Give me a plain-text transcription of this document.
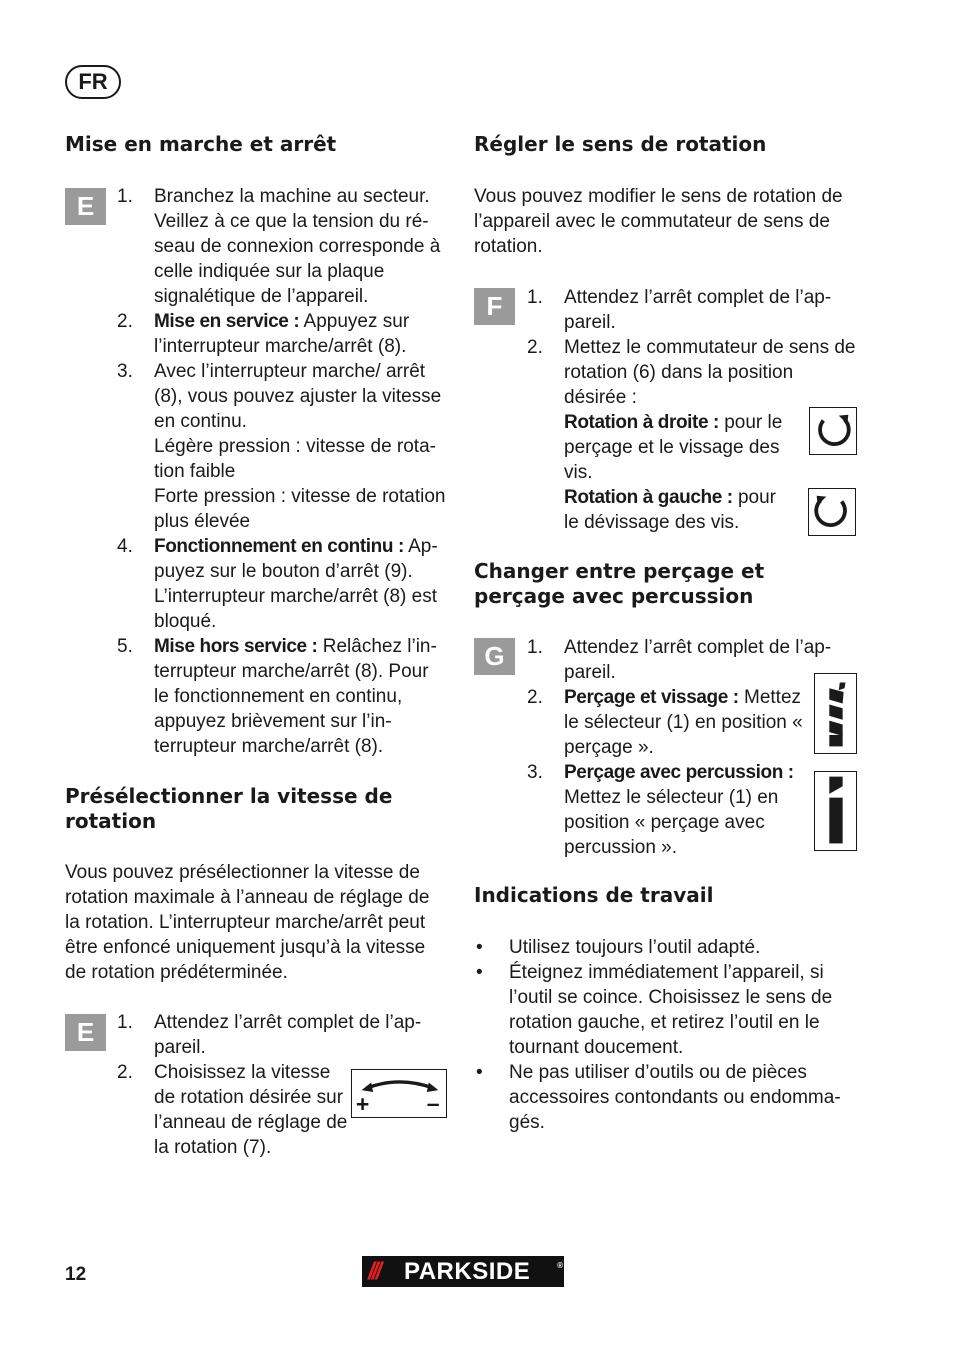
FR
Mise en marche et arrêt
E	1. Branchez la machine au secteur. Veillez à ce que la tension du réseau de connexion corresponde à celle indiquée sur la plaque signalétique de l’appareil.
2. Mise en service : Appuyez sur l’interrupteur marche/arrêt (8).
3. Avec l’interrupteur marche/ arrêt (8), vous pouvez ajuster la vitesse en continu.
Légère pression : vitesse de rotation faible
Forte pression : vitesse de rotation plus élevée
4. Fonctionnement en continu : Appuyez sur le bouton d’arrêt (9). L’interrupteur marche/arrêt (8) est bloqué.
5. Mise hors service : Relâchez l’interrupteur marche/arrêt (8). Pour le fonctionnement en continu, appuyez brièvement sur l’interrupteur marche/arrêt (8).
Présélectionner la vitesse de rotation

Vous pouvez présélectionner la vitesse de rotation maximale à l’anneau de réglage de la rotation. L’interrupteur marche/arrêt peut être enfoncé uniquement jusqu’à la vitesse de rotation prédéterminée.

E	1. Attendez l’arrêt complet de l’appareil.
2. Choisissez la vitesse de rotation désirée sur l’anneau de réglage de la rotation (7).
+ –
Régler le sens de rotation

Vous pouvez modifier le sens de rotation de l’appareil avec le commutateur de sens de rotation.

F	1. Attendez l’arrêt complet de l’appareil.
2. Mettez le commutateur de sens de rotation (6) dans la position désirée :
Rotation à droite : pour le perçage et le vissage des vis.
Rotation à gauche : pour le dévissage des vis.
Changer entre perçage et perçage avec percussion
G	1. Attendez l’arrêt complet de l’appareil.
2. Perçage et vissage : Mettez le sélecteur (1) en position « perçage ».
3. Perçage avec percussion : Mettez le sélecteur (1) en position « perçage avec percussion ».
Indications de travail
• Utilisez toujours l’outil adapté.
• Éteignez immédiatement l’appareil, si l’outil se coince. Choisissez le sens de rotation gauche, et retirez l’outil en le tournant doucement.
• Ne pas utiliser d’outils ou de pièces accessoires contondants ou endommagés.
12	/// PARKSIDE	®
